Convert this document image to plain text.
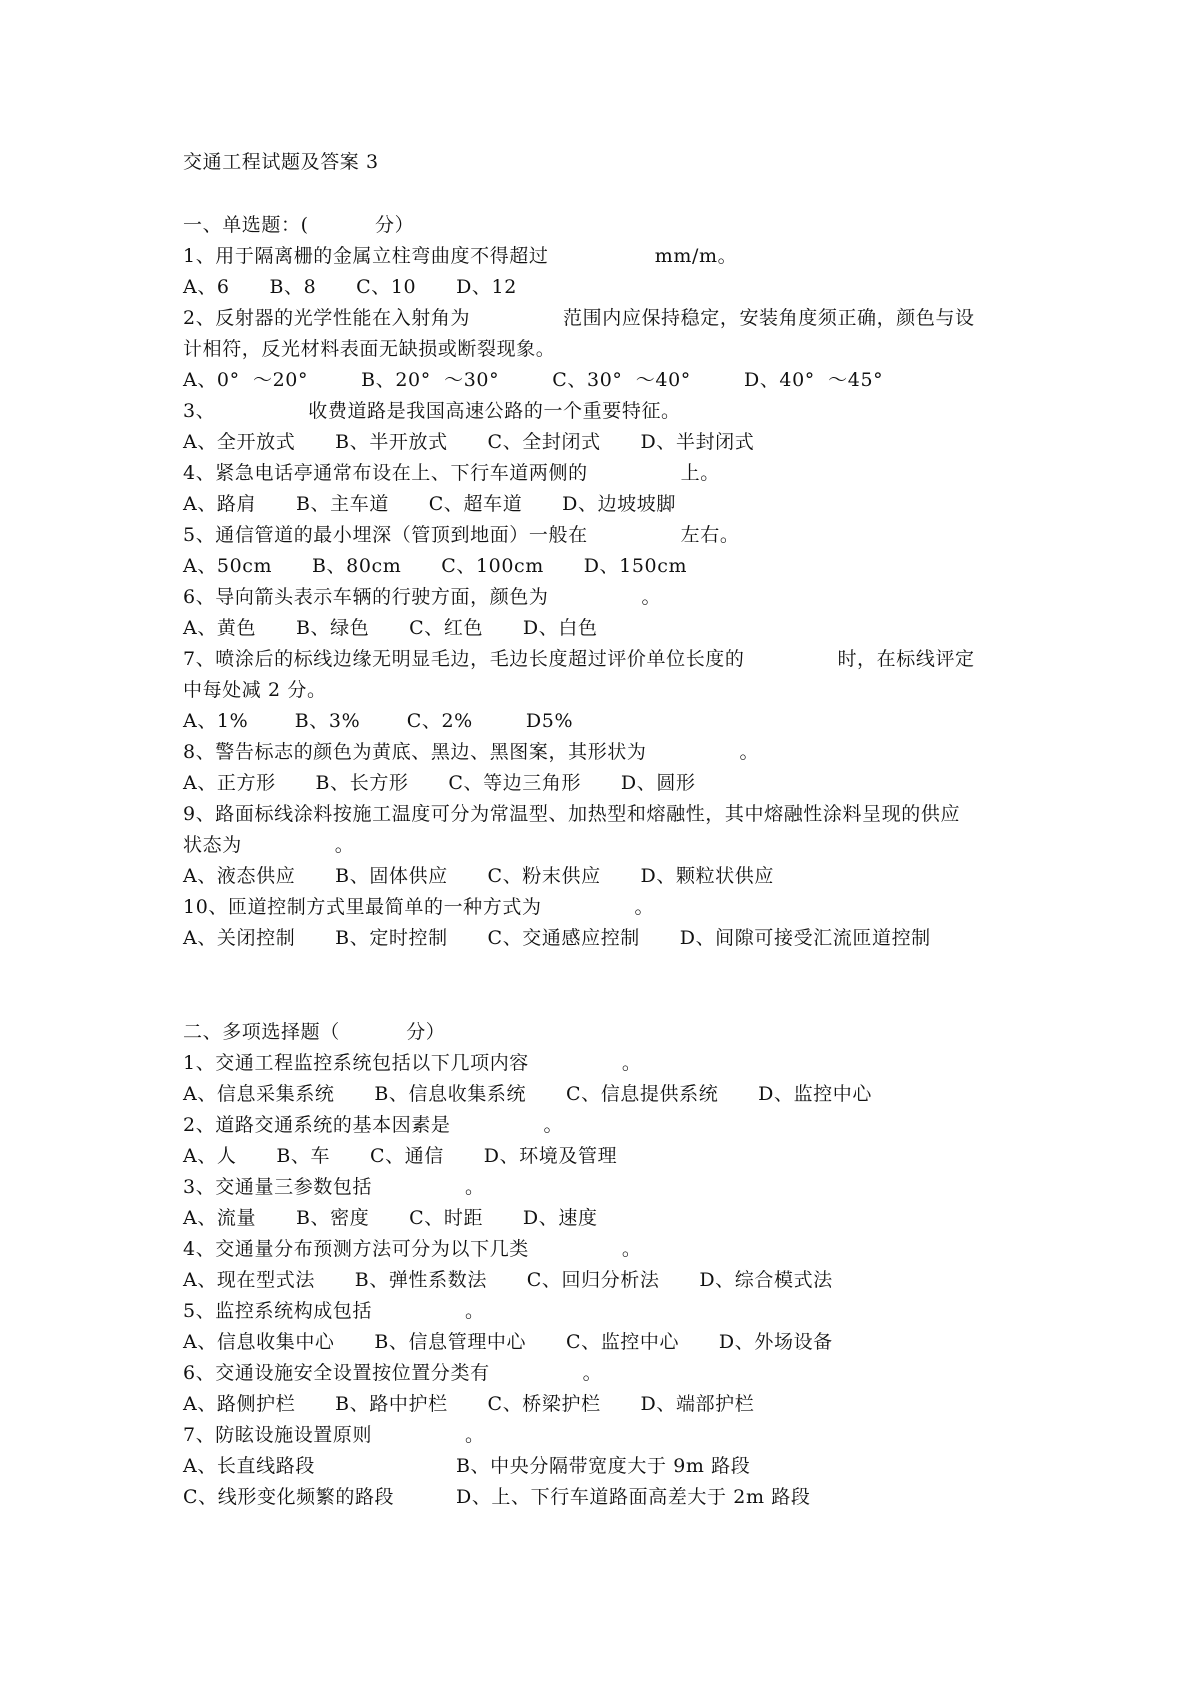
交通工程试题及答案 3

一、单选题：(          分）

1、用于隔离栅的金属立柱弯曲度不得超过                mm/m。

A、6      B、8      C、10      D、12

2、反射器的光学性能在入射角为              范围内应保持稳定，安装角度须正确，颜色与设

计相符，反光材料表面无缺损或断裂现象。

A、0°  ～20°        B、20°  ～30°        C、30°  ～40°        D、40°  ～45°

3、              收费道路是我国高速公路的一个重要特征。

A、全开放式      B、半开放式      C、全封闭式      D、半封闭式

4、紧急电话亭通常布设在上、下行车道两侧的              上。

A、路肩      B、主车道      C、超车道      D、边坡坡脚

5、通信管道的最小埋深（管顶到地面）一般在              左右。

A、50cm      B、80cm      C、100cm      D、150cm

6、导向箭头表示车辆的行驶方面，颜色为              。

A、黄色      B、绿色      C、红色      D、白色

7、喷涂后的标线边缘无明显毛边，毛边长度超过评价单位长度的              时，在标线评定

中每处减 2 分。

A、1%       B、3%       C、2%        D5%

8、警告标志的颜色为黄底、黑边、黑图案，其形状为              。

A、正方形      B、长方形      C、等边三角形      D、圆形

9、路面标线涂料按施工温度可分为常温型、加热型和熔融性，其中熔融性涂料呈现的供应

状态为              。

A、液态供应      B、固体供应      C、粉末供应      D、颗粒状供应

10、匝道控制方式里最简单的一种方式为              。

A、关闭控制      B、定时控制      C、交通感应控制      D、间隙可接受汇流匝道控制

二、多项选择题（          分）

1、交通工程监控系统包括以下几项内容              。

A、信息采集系统      B、信息收集系统      C、信息提供系统      D、监控中心

2、道路交通系统的基本因素是              。

A、人      B、车      C、通信      D、环境及管理

3、交通量三参数包括              。

A、流量      B、密度      C、时距      D、速度

4、交通量分布预测方法可分为以下几类              。

A、现在型式法      B、弹性系数法      C、回归分析法      D、综合模式法

5、监控系统构成包括              。

A、信息收集中心      B、信息管理中心      C、监控中心      D、外场设备

6、交通设施安全设置按位置分类有              。

A、路侧护栏      B、路中护栏      C、桥梁护栏      D、端部护栏

7、防眩设施设置原则              。

A、长直线路段	B、中央分隔带宽度大于 9m 路段

C、线形变化频繁的路段	D、上、下行车道路面高差大于 2m 路段
